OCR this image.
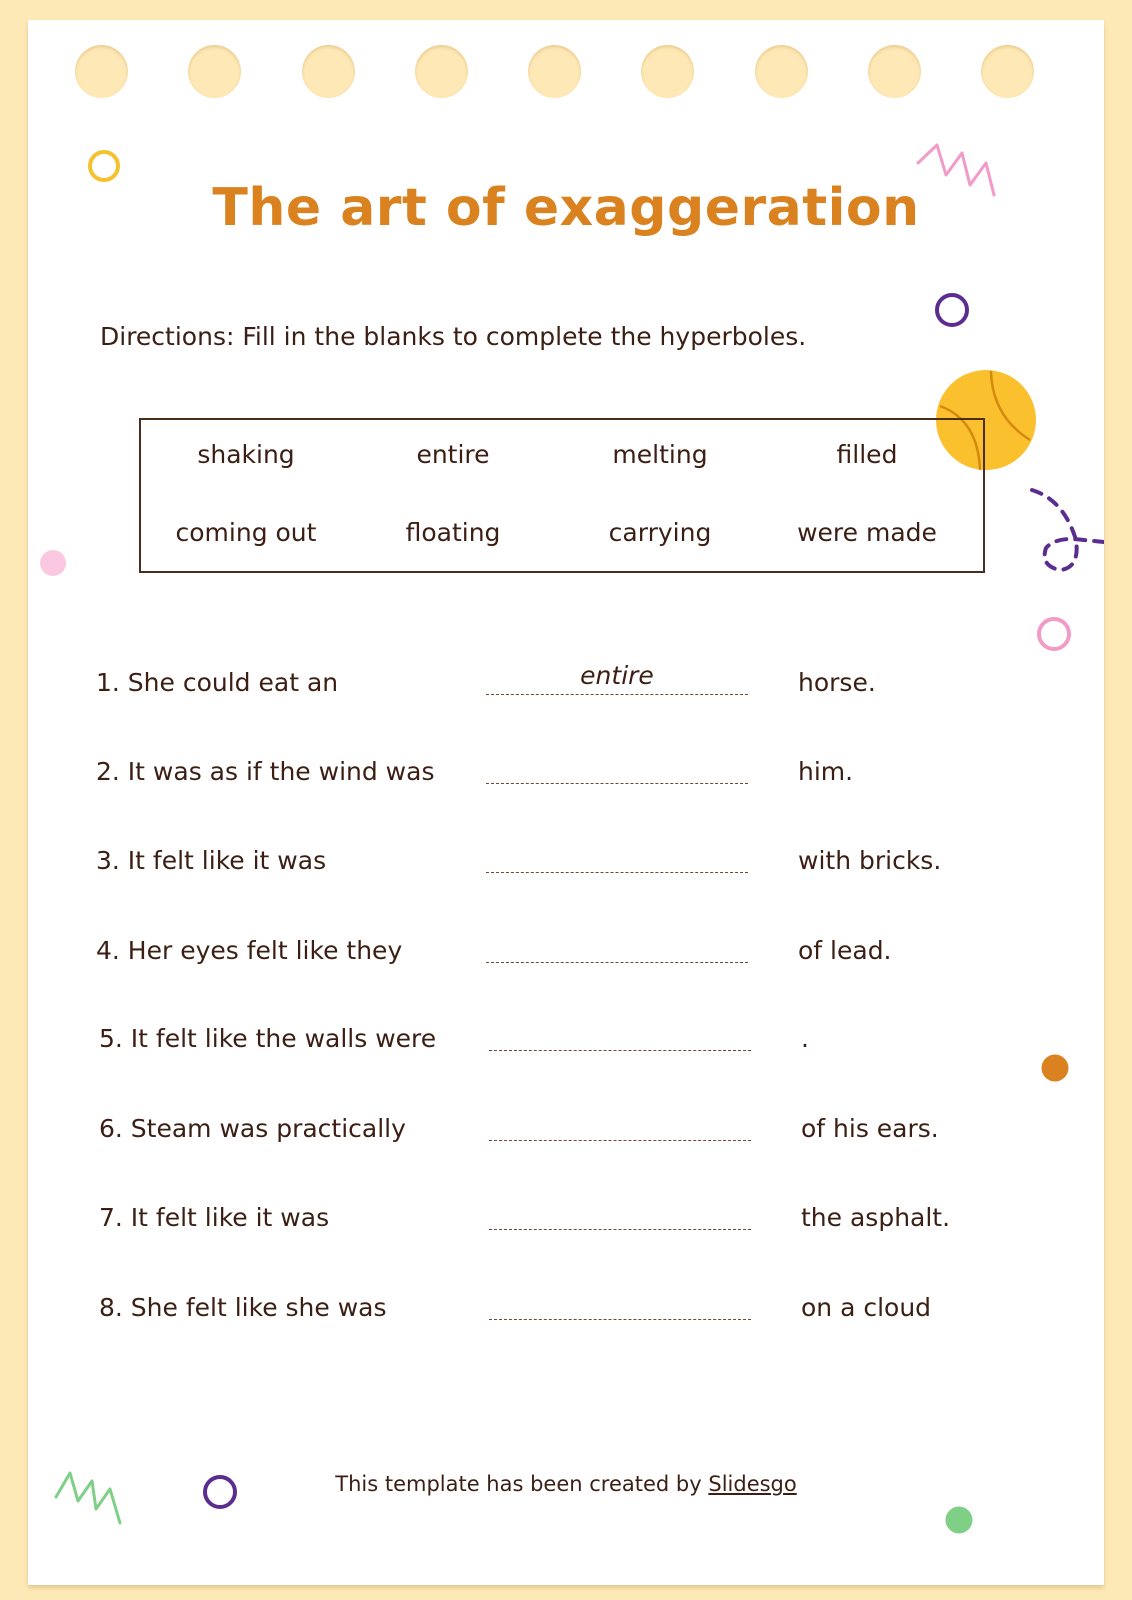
The art of exaggeration
Directions: Fill in the blanks to complete the hyperboles.
shaking	entire	melting	filled
coming out	floating	carrying	were made
1. She could eat an	entire	horse.
2. It was as if the wind was	him.
3. It felt like it was	with bricks.
4. Her eyes felt like they	of lead.
5. It felt like the walls were	.
6. Steam was practically	of his ears.
7. It felt like it was	the asphalt.
8. She felt like she was	on a cloud
This template has been created by Slidesgo
